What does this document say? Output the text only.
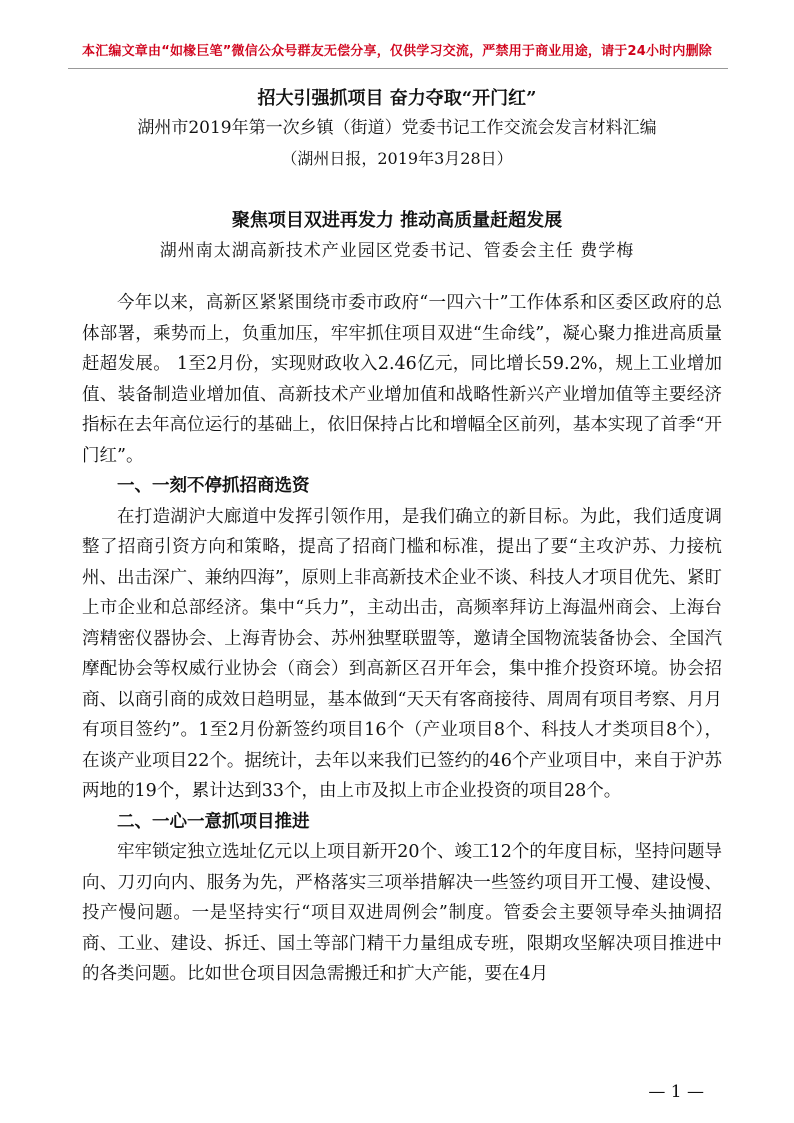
本汇编文章由“如椽巨笔”微信公众号群友无偿分享，仅供学习交流，严禁用于商业用途，请于24小时内删除
招大引强抓项目 奋力夺取“开门红”
湖州市2019年第一次乡镇（街道）党委书记工作交流会发言材料汇编
（湖州日报，2019年3月28日）
聚焦项目双进再发力 推动高质量赶超发展
湖州南太湖高新技术产业园区党委书记、管委会主任 费学梅

今年以来，高新区紧紧围绕市委市政府“一四六十”工作体系和区委区政府的总体部署，乘势而上，负重加压，牢牢抓住项目双进“生命线”，凝心聚力推进高质量赶超发展。 1至2月份，实现财政收入2.46亿元，同比增长59.2%，规上工业增加值、装备制造业增加值、高新技术产业增加值和战略性新兴产业增加值等主要经济指标在去年高位运行的基础上，依旧保持占比和增幅全区前列，基本实现了首季“开门红”。

一、一刻不停抓招商选资

在打造湖沪大廊道中发挥引领作用，是我们确立的新目标。为此，我们适度调整了招商引资方向和策略，提高了招商门槛和标准，提出了要“主攻沪苏、力接杭州、出击深广、兼纳四海”，原则上非高新技术企业不谈、科技人才项目优先、紧盯上市企业和总部经济。集中“兵力”，主动出击，高频率拜访上海温州商会、上海台湾精密仪器协会、上海青协会、苏州独墅联盟等，邀请全国物流装备协会、全国汽摩配协会等权威行业协会（商会）到高新区召开年会，集中推介投资环境。协会招商、以商引商的成效日趋明显，基本做到“天天有客商接待、周周有项目考察、月月有项目签约”。1至2月份新签约项目16个（产业项目8个、科技人才类项目8个），在谈产业项目22个。据统计，去年以来我们已签约的46个产业项目中，来自于沪苏两地的19个，累计达到33个，由上市及拟上市企业投资的项目28个。

二、一心一意抓项目推进

牢牢锁定独立选址亿元以上项目新开20个、竣工12个的年度目标，坚持问题导向、刀刃向内、服务为先，严格落实三项举措解决一些签约项目开工慢、建设慢、投产慢问题。一是坚持实行“项目双进周例会”制度。管委会主要领导牵头抽调招商、工业、建设、拆迁、国土等部门精干力量组成专班，限期攻坚解决项目推进中的各类问题。比如世仓项目因急需搬迁和扩大产能，要在4月

— 1 —
